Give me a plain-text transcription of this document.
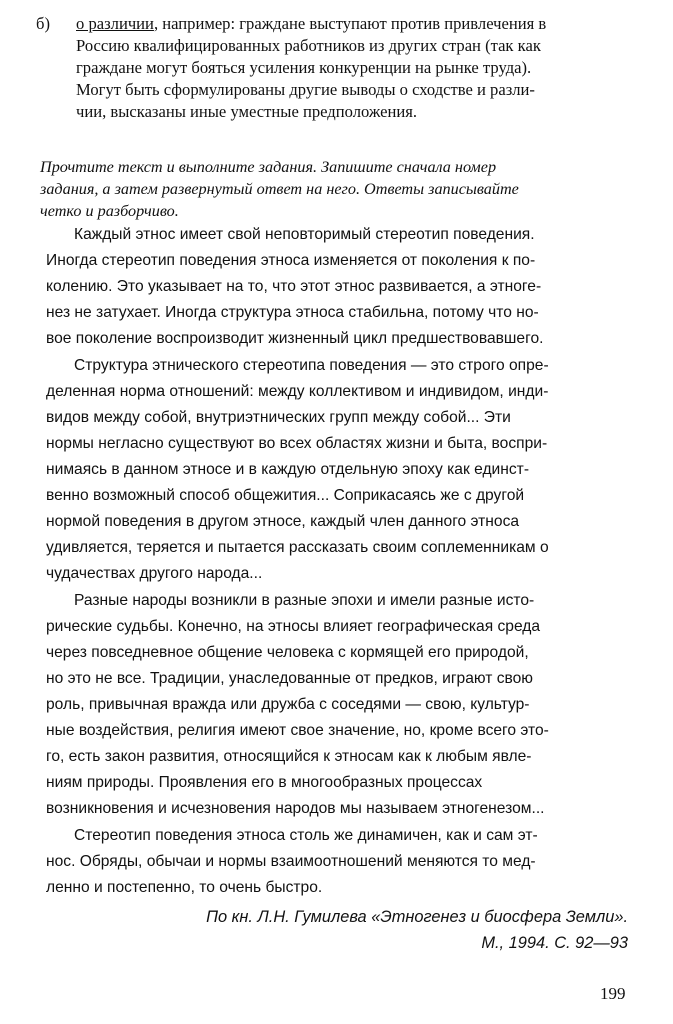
б) о различии, например: граждане выступают против привлечения в
Россию квалифицированных работников из других стран (так как
граждане могут бояться усиления конкуренции на рынке труда).
Могут быть сформулированы другие выводы о сходстве и разли-
чии, высказаны иные уместные предположения.
Прочтите текст и выполните задания. Запишите сначала номер
задания, а затем развернутый ответ на него. Ответы записывайте
четко и разборчиво.
Каждый этнос имеет свой неповторимый стереотип поведения.
Иногда стереотип поведения этноса изменяется от поколения к по-
колению. Это указывает на то, что этот этнос развивается, а этноге-
нез не затухает. Иногда структура этноса стабильна, потому что но-
вое поколение воспроизводит жизненный цикл предшествовавшего.
Структура этнического стереотипа поведения — это строго опре-
деленная норма отношений: между коллективом и индивидом, инди-
видов между собой, внутриэтнических групп между собой... Эти
нормы негласно существуют во всех областях жизни и быта, воспри-
нимаясь в данном этносе и в каждую отдельную эпоху как единст-
венно возможный способ общежития... Соприкасаясь же с другой
нормой поведения в другом этносе, каждый член данного этноса
удивляется, теряется и пытается рассказать своим соплеменникам о
чудачествах другого народа...
Разные народы возникли в разные эпохи и имели разные исто-
рические судьбы. Конечно, на этносы влияет географическая среда
через повседневное общение человека с кормящей его природой,
но это не все. Традиции, унаследованные от предков, играют свою
роль, привычная вражда или дружба с соседями — свою, культур-
ные воздействия, религия имеют свое значение, но, кроме всего это-
го, есть закон развития, относящийся к этносам как к любым явле-
ниям природы. Проявления его в многообразных процессах
возникновения и исчезновения народов мы называем этногенезом...
Стереотип поведения этноса столь же динамичен, как и сам эт-
нос. Обряды, обычаи и нормы взаимоотношений меняются то мед-
ленно и постепенно, то очень быстро.
По кн. Л.Н. Гумилева «Этногенез и биосфера Земли».
М., 1994. С. 92—93
199
